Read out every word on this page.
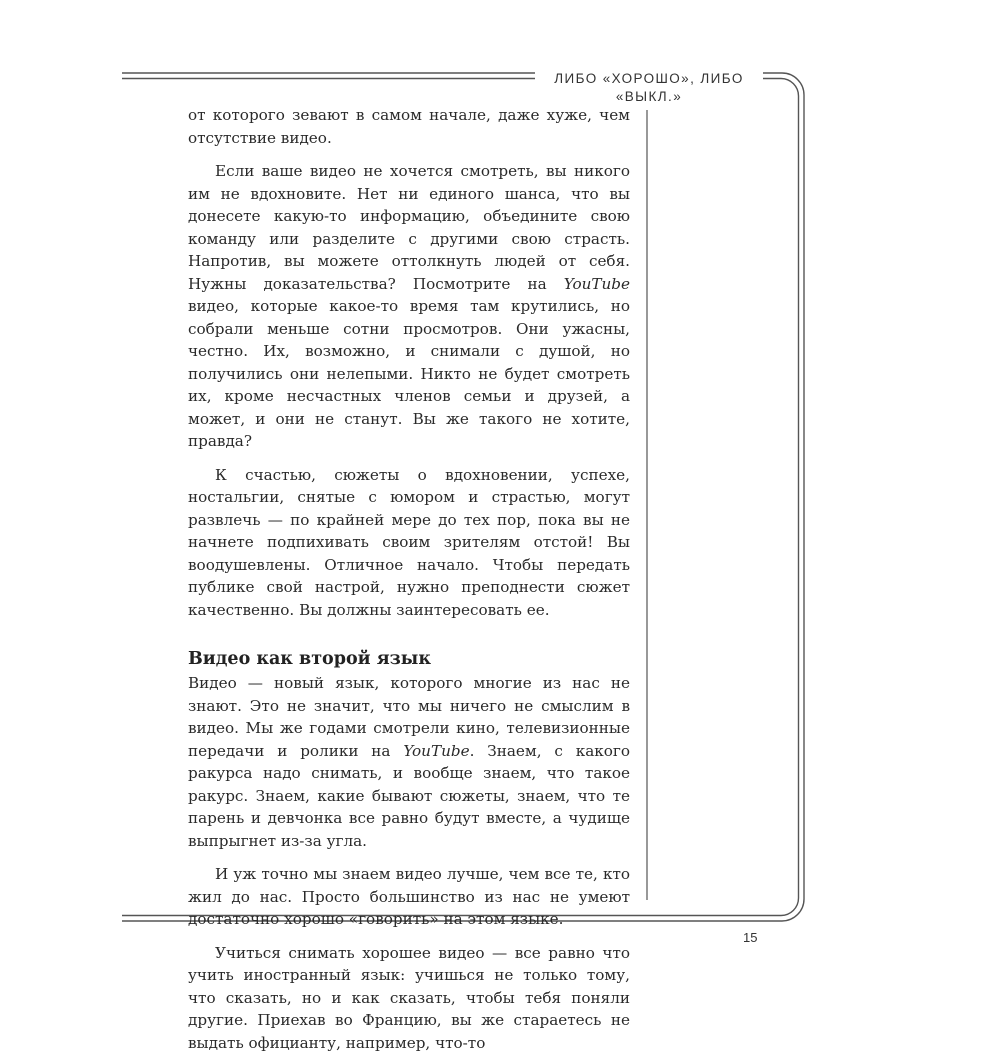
ЛИБО «ХОРОШО», ЛИБО «ВЫКЛ.»

от которого зевают в самом начале, даже хуже, чем отсутствие видео.

Если ваше видео не хочется смотреть, вы никого им не вдохновите. Нет ни единого шанса, что вы донесете какую-то информацию, объедините свою команду или разделите с другими свою страсть. Напротив, вы можете оттолкнуть людей от себя. Нужны доказательства? Посмотрите на YouTube видео, которые какое-то время там крутились, но собрали меньше сотни просмотров. Они ужасны, честно. Их, возможно, и снимали с душой, но получились они нелепыми. Никто не будет смотреть их, кроме несчастных членов семьи и друзей, а может, и они не станут. Вы же такого не хотите, правда?

К счастью, сюжеты о вдохновении, успехе, ностальгии, снятые с юмором и страстью, могут развлечь — по крайней мере до тех пор, пока вы не начнете подпихивать своим зрителям отстой! Вы воодушевлены. Отличное начало. Чтобы передать публике свой настрой, нужно преподнести сюжет качественно. Вы должны заинтересовать ее.

Видео как второй язык

Видео — новый язык, которого многие из нас не знают. Это не значит, что мы ничего не смыслим в видео. Мы же годами смотрели кино, телевизионные передачи и ролики на YouTube. Знаем, с какого ракурса надо снимать, и вообще знаем, что такое ракурс. Знаем, какие бывают сюжеты, знаем, что те парень и девчонка все равно будут вместе, а чудище выпрыгнет из-за угла.

И уж точно мы знаем видео лучше, чем все те, кто жил до нас. Просто большинство из нас не умеют достаточно хорошо «говорить» на этом языке.

Учиться снимать хорошее видео — все равно что учить иностранный язык: учишься не только тому, что сказать, но и как сказать, чтобы тебя поняли другие. Приехав во Францию, вы же стараетесь не выдать официанту, например, что-то

15
